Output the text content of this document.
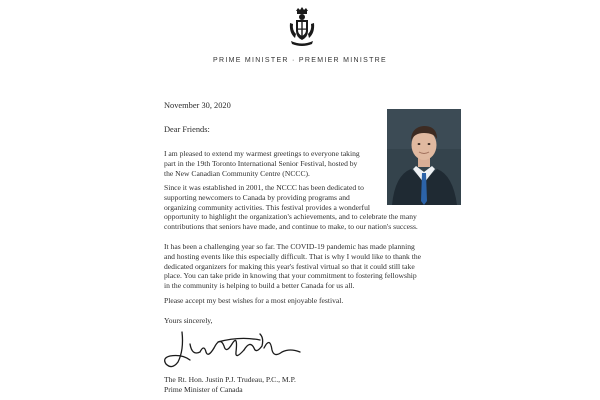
PRIME MINISTER · PREMIER MINISTRE
November 30, 2020
Dear Friends:

I am pleased to extend my warmest greetings to everyone taking
part in the 19th Toronto International Senior Festival, hosted by
the New Canadian Community Centre (NCCC).

Since it was established in 2001, the NCCC has been dedicated to
supporting newcomers to Canada by providing programs and
organizing community activities. This festival provides a wonderful
opportunity to highlight the organization's achievements, and to celebrate the many
contributions that seniors have made, and continue to make, to our nation's success.

It has been a challenging year so far. The COVID-19 pandemic has made planning
and hosting events like this especially difficult. That is why I would like to thank the
dedicated organizers for making this year's festival virtual so that it could still take
place. You can take pride in knowing that your commitment to fostering fellowship
in the community is helping to build a better Canada for us all.

Please accept my best wishes for a most enjoyable festival.

Yours sincerely,

The Rt. Hon. Justin P.J. Trudeau, P.C., M.P.
Prime Minister of Canada
